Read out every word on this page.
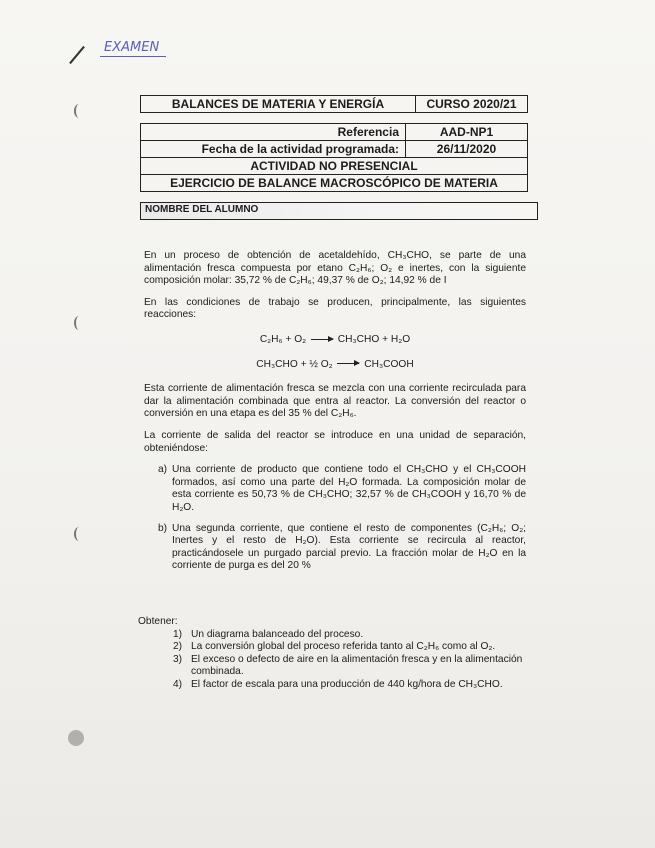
EXAMEN
BALANCES DE MATERIA Y ENERGÍA	CURSO 2020/21
Referencia	AAD-NP1
Fecha de la actividad programada:	26/11/2020
ACTIVIDAD NO PRESENCIAL	
EJERCICIO DE BALANCE MACROSCÓPICO DE MATERIA	
NOMBRE DEL ALUMNO

En un proceso de obtención de acetaldehído, CH₃CHO, se parte de una alimentación fresca compuesta por etano C₂H₆; O₂ e inertes, con la siguiente composición molar: 35,72 % de C₂H₆; 49,37 % de O₂; 14,92 % de I

En las condiciones de trabajo se producen, principalmente, las siguientes reacciones:

C₂H₆ + O₂ → CH₃CHO + H₂O
CH₃CHO + ½ O₂ → CH₃COOH

Esta corriente de alimentación fresca se mezcla con una corriente recirculada para dar la alimentación combinada que entra al reactor. La conversión del reactor o conversión en una etapa es del 35 % del C₂H₆.

La corriente de salida del reactor se introduce en una unidad de separación, obteniéndose:

a) Una corriente de producto que contiene todo el CH₃CHO y el CH₃COOH formados, así como una parte del H₂O formada. La composición molar de esta corriente es 50,73 % de CH₃CHO; 32,57 % de CH₃COOH y 16,70 % de H₂O.
b) Una segunda corriente, que contiene el resto de componentes (C₂H₆; O₂; Inertes y el resto de H₂O). Esta corriente se recircula al reactor, practicándosele un purgado parcial previo. La fracción molar de H₂O en la corriente de purga es del 20 %
Obtener:
1) Un diagrama balanceado del proceso.
2) La conversión global del proceso referida tanto al C₂H₆ como al O₂.
3) El exceso o defecto de aire en la alimentación fresca y en la alimentación combinada.
4) El factor de escala para una producción de 440 kg/hora de CH₃CHO.
